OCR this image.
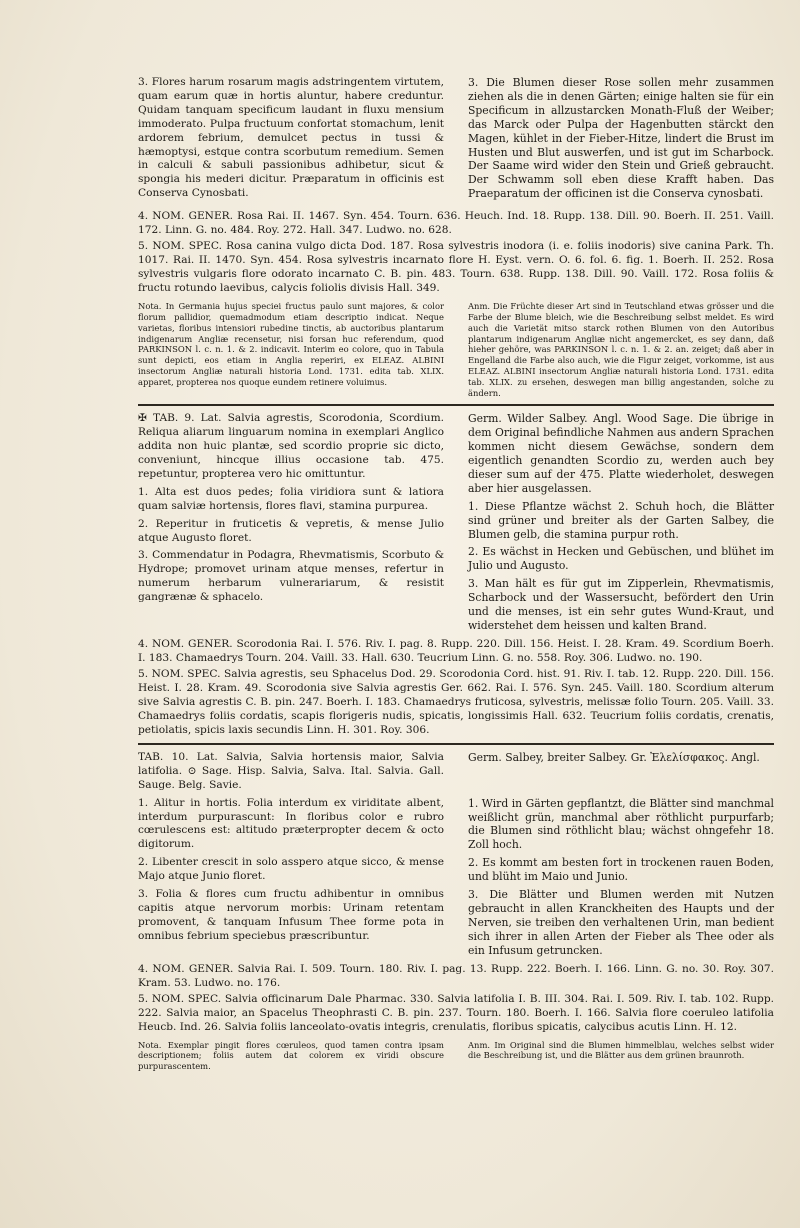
3. Flores harum rosarum magis adstringentem virtutem, quam earum quæ in hortis aluntur, habere creduntur. Quidam tanquam specificum laudant in fluxu mensium immoderato. Pulpa fructuum confortat stomachum, lenit ardorem febrium, demulcet pectus in tussi & hæmoptysi, estque contra scorbutum remedium. Semen in calculi & sabuli passionibus adhibetur, sicut & spongia his mederi dicitur. Præparatum in officinis est Conserva Cynosbati.

3. Die Blumen dieser Rose sollen mehr zusammen ziehen als die in denen Gärten; einige halten sie für ein Specificum in allzustarcken Monath-Fluß der Weiber; das Marck oder Pulpa der Hagenbutten stärckt den Magen, kühlet in der Fieber-Hitze, lindert die Brust im Husten und Blut auswerfen, und ist gut im Scharbock. Der Saame wird wider den Stein und Grieß gebraucht. Der Schwamm soll eben diese Krafft haben. Das Praeparatum der officinen ist die Conserva cynosbati.

4. NOM. GENER. Rosa Rai. II. 1467. Syn. 454. Tourn. 636. Heuch. Ind. 18. Rupp. 138. Dill. 90. Boerh. II. 251. Vaill. 172. Linn. G. no. 484. Roy. 272. Hall. 347. Ludwo. no. 628.

5. NOM. SPEC. Rosa canina vulgo dicta Dod. 187. Rosa sylvestris inodora (i. e. foliis inodoris) sive canina Park. Th. 1017. Rai. II. 1470. Syn. 454. Rosa sylvestris incarnato flore H. Eyst. vern. O. 6. fol. 6. fig. 1. Boerh. II. 252. Rosa sylvestris vulgaris flore odorato incarnato C. B. pin. 483. Tourn. 638. Rupp. 138. Dill. 90. Vaill. 172. Rosa foliis & fructu rotundo laevibus, calycis foliolis divisis Hall. 349.

Nota. In Germania hujus speciei fructus paulo sunt majores, & color florum pallidior, quemadmodum etiam descriptio indicat. Neque varietas, floribus intensiori rubedine tinctis, ab auctoribus plantarum indigenarum Angliæ recensetur, nisi forsan huc referendum, quod PARKINSON l. c. n. 1. & 2. indicavit. Interim eo colore, quo in Tabula sunt depicti, eos etiam in Anglia reperiri, ex ELEAZ. ALBINI insectorum Angliæ naturali historia Lond. 1731. edita tab. XLIX. apparet, propterea nos quoque eundem retinere voluimus.

Anm. Die Früchte dieser Art sind in Teutschland etwas grösser und die Farbe der Blume bleich, wie die Beschreibung selbst meldet. Es wird auch die Varietät mitso starck rothen Blumen von den Autoribus plantarum indigenarum Angliæ nicht angemercket, es sey dann, daß hieher gehöre, was PARKINSON l. c. n. 1. & 2. an. zeiget; daß aber in Engelland die Farbe also auch, wie die Figur zeiget, vorkomme, ist aus ELEAZ. ALBINI insectorum Angliæ naturali historia Lond. 1731. edita tab. XLIX. zu ersehen, deswegen man billig angestanden, solche zu ändern.

✠ TAB. 9. Lat. Salvia agrestis, Scorodonia, Scordium. Reliqua aliarum linguarum nomina in exemplari Anglico addita non huic plantæ, sed scordio proprie sic dicto, conveniunt, hincque illius occasione tab. 475. repetuntur, propterea vero hic omittuntur.

1. Alta est duos pedes; folia viridiora sunt & latiora quam salviæ hortensis, flores flavi, stamina purpurea.

2. Reperitur in fruticetis & vepretis, & mense Julio atque Augusto floret.

3. Commendatur in Podagra, Rhevmatismis, Scorbuto & Hydrope; promovet urinam atque menses, refertur in numerum herbarum vulnerariarum, & resistit gangrænæ & sphacelo.

Germ. Wilder Salbey. Angl. Wood Sage. Die übrige in dem Original befindliche Nahmen aus andern Sprachen kommen nicht diesem Gewächse, sondern dem eigentlich genandten Scordio zu, werden auch bey dieser sum auf der 475. Platte wiederholet, deswegen aber hier ausgelassen.

1. Diese Pflantze wächst 2. Schuh hoch, die Blätter sind grüner und breiter als der Garten Salbey, die Blumen gelb, die stamina purpur roth.

2. Es wächst in Hecken und Gebüschen, und blühet im Julio und Augusto.

3. Man hält es für gut im Zipperlein, Rhevmatismis, Scharbock und der Wassersucht, befördert den Urin und die menses, ist ein sehr gutes Wund-Kraut, und widerstehet dem heissen und kalten Brand.

4. NOM. GENER. Scorodonia Rai. I. 576. Riv. I. pag. 8. Rupp. 220. Dill. 156. Heist. I. 28. Kram. 49. Scordium Boerh. I. 183. Chamaedrys Tourn. 204. Vaill. 33. Hall. 630. Teucrium Linn. G. no. 558. Roy. 306. Ludwo. no. 190.

5. NOM. SPEC. Salvia agrestis, seu Sphacelus Dod. 29. Scorodonia Cord. hist. 91. Riv. I. tab. 12. Rupp. 220. Dill. 156. Heist. I. 28. Kram. 49. Scorodonia sive Salvia agrestis Ger. 662. Rai. I. 576. Syn. 245. Vaill. 180. Scordium alterum sive Salvia agrestis C. B. pin. 247. Boerh. I. 183. Chamaedrys fruticosa, sylvestris, melissæ folio Tourn. 205. Vaill. 33. Chamaedrys foliis cordatis, scapis florigeris nudis, spicatis, longissimis Hall. 632. Teucrium foliis cordatis, crenatis, petiolatis, spicis laxis secundis Linn. H. 301. Roy. 306.

TAB. 10. Lat. Salvia, Salvia hortensis maior, Salvia latifolia. ⊙ Sage. Hisp. Salvia, Salva. Ital. Salvia. Gall. Sauge. Belg. Savie.

Germ. Salbey, breiter Salbey. Gr. Ἐλελίσφακος. Angl.

1. Alitur in hortis. Folia interdum ex viriditate albent, interdum purpurascunt: In floribus color e rubro cœrulescens est: altitudo præterpropter decem & octo digitorum.

2. Libenter crescit in solo asspero atque sicco, & mense Majo atque Junio floret.

3. Folia & flores cum fructu adhibentur in omnibus capitis atque nervorum morbis: Urinam retentam promovent, & tanquam Infusum Thee forme pota in omnibus febrium speciebus præscribuntur.

1. Wird in Gärten gepflantzt, die Blätter sind manchmal weißlicht grün, manchmal aber röthlicht purpurfarb; die Blumen sind röthlicht blau; wächst ohngefehr 18. Zoll hoch.

2. Es kommt am besten fort in trockenen rauen Boden, und blüht im Maio und Junio.

3. Die Blätter und Blumen werden mit Nutzen gebraucht in allen Kranckheiten des Haupts und der Nerven, sie treiben den verhaltenen Urin, man bedient sich ihrer in allen Arten der Fieber als Thee oder als ein Infusum getruncken.

4. NOM. GENER. Salvia Rai. I. 509. Tourn. 180. Riv. I. pag. 13. Rupp. 222. Boerh. I. 166. Linn. G. no. 30. Roy. 307. Kram. 53. Ludwo. no. 176.

5. NOM. SPEC. Salvia officinarum Dale Pharmac. 330. Salvia latifolia I. B. III. 304. Rai. I. 509. Riv. I. tab. 102. Rupp. 222. Salvia maior, an Spacelus Theophrasti C. B. pin. 237. Tourn. 180. Boerh. I. 166. Salvia flore coeruleo latifolia Heucb. Ind. 26. Salvia foliis lanceolato-ovatis integris, crenulatis, floribus spicatis, calycibus acutis Linn. H. 12.

Nota. Exemplar pingit flores cœruleos, quod tamen contra ipsam descriptionem; foliis autem dat colorem ex viridi obscure purpurascentem.

Anm. Im Original sind die Blumen himmelblau, welches selbst wider die Beschreibung ist, und die Blätter aus dem grünen braunroth.
